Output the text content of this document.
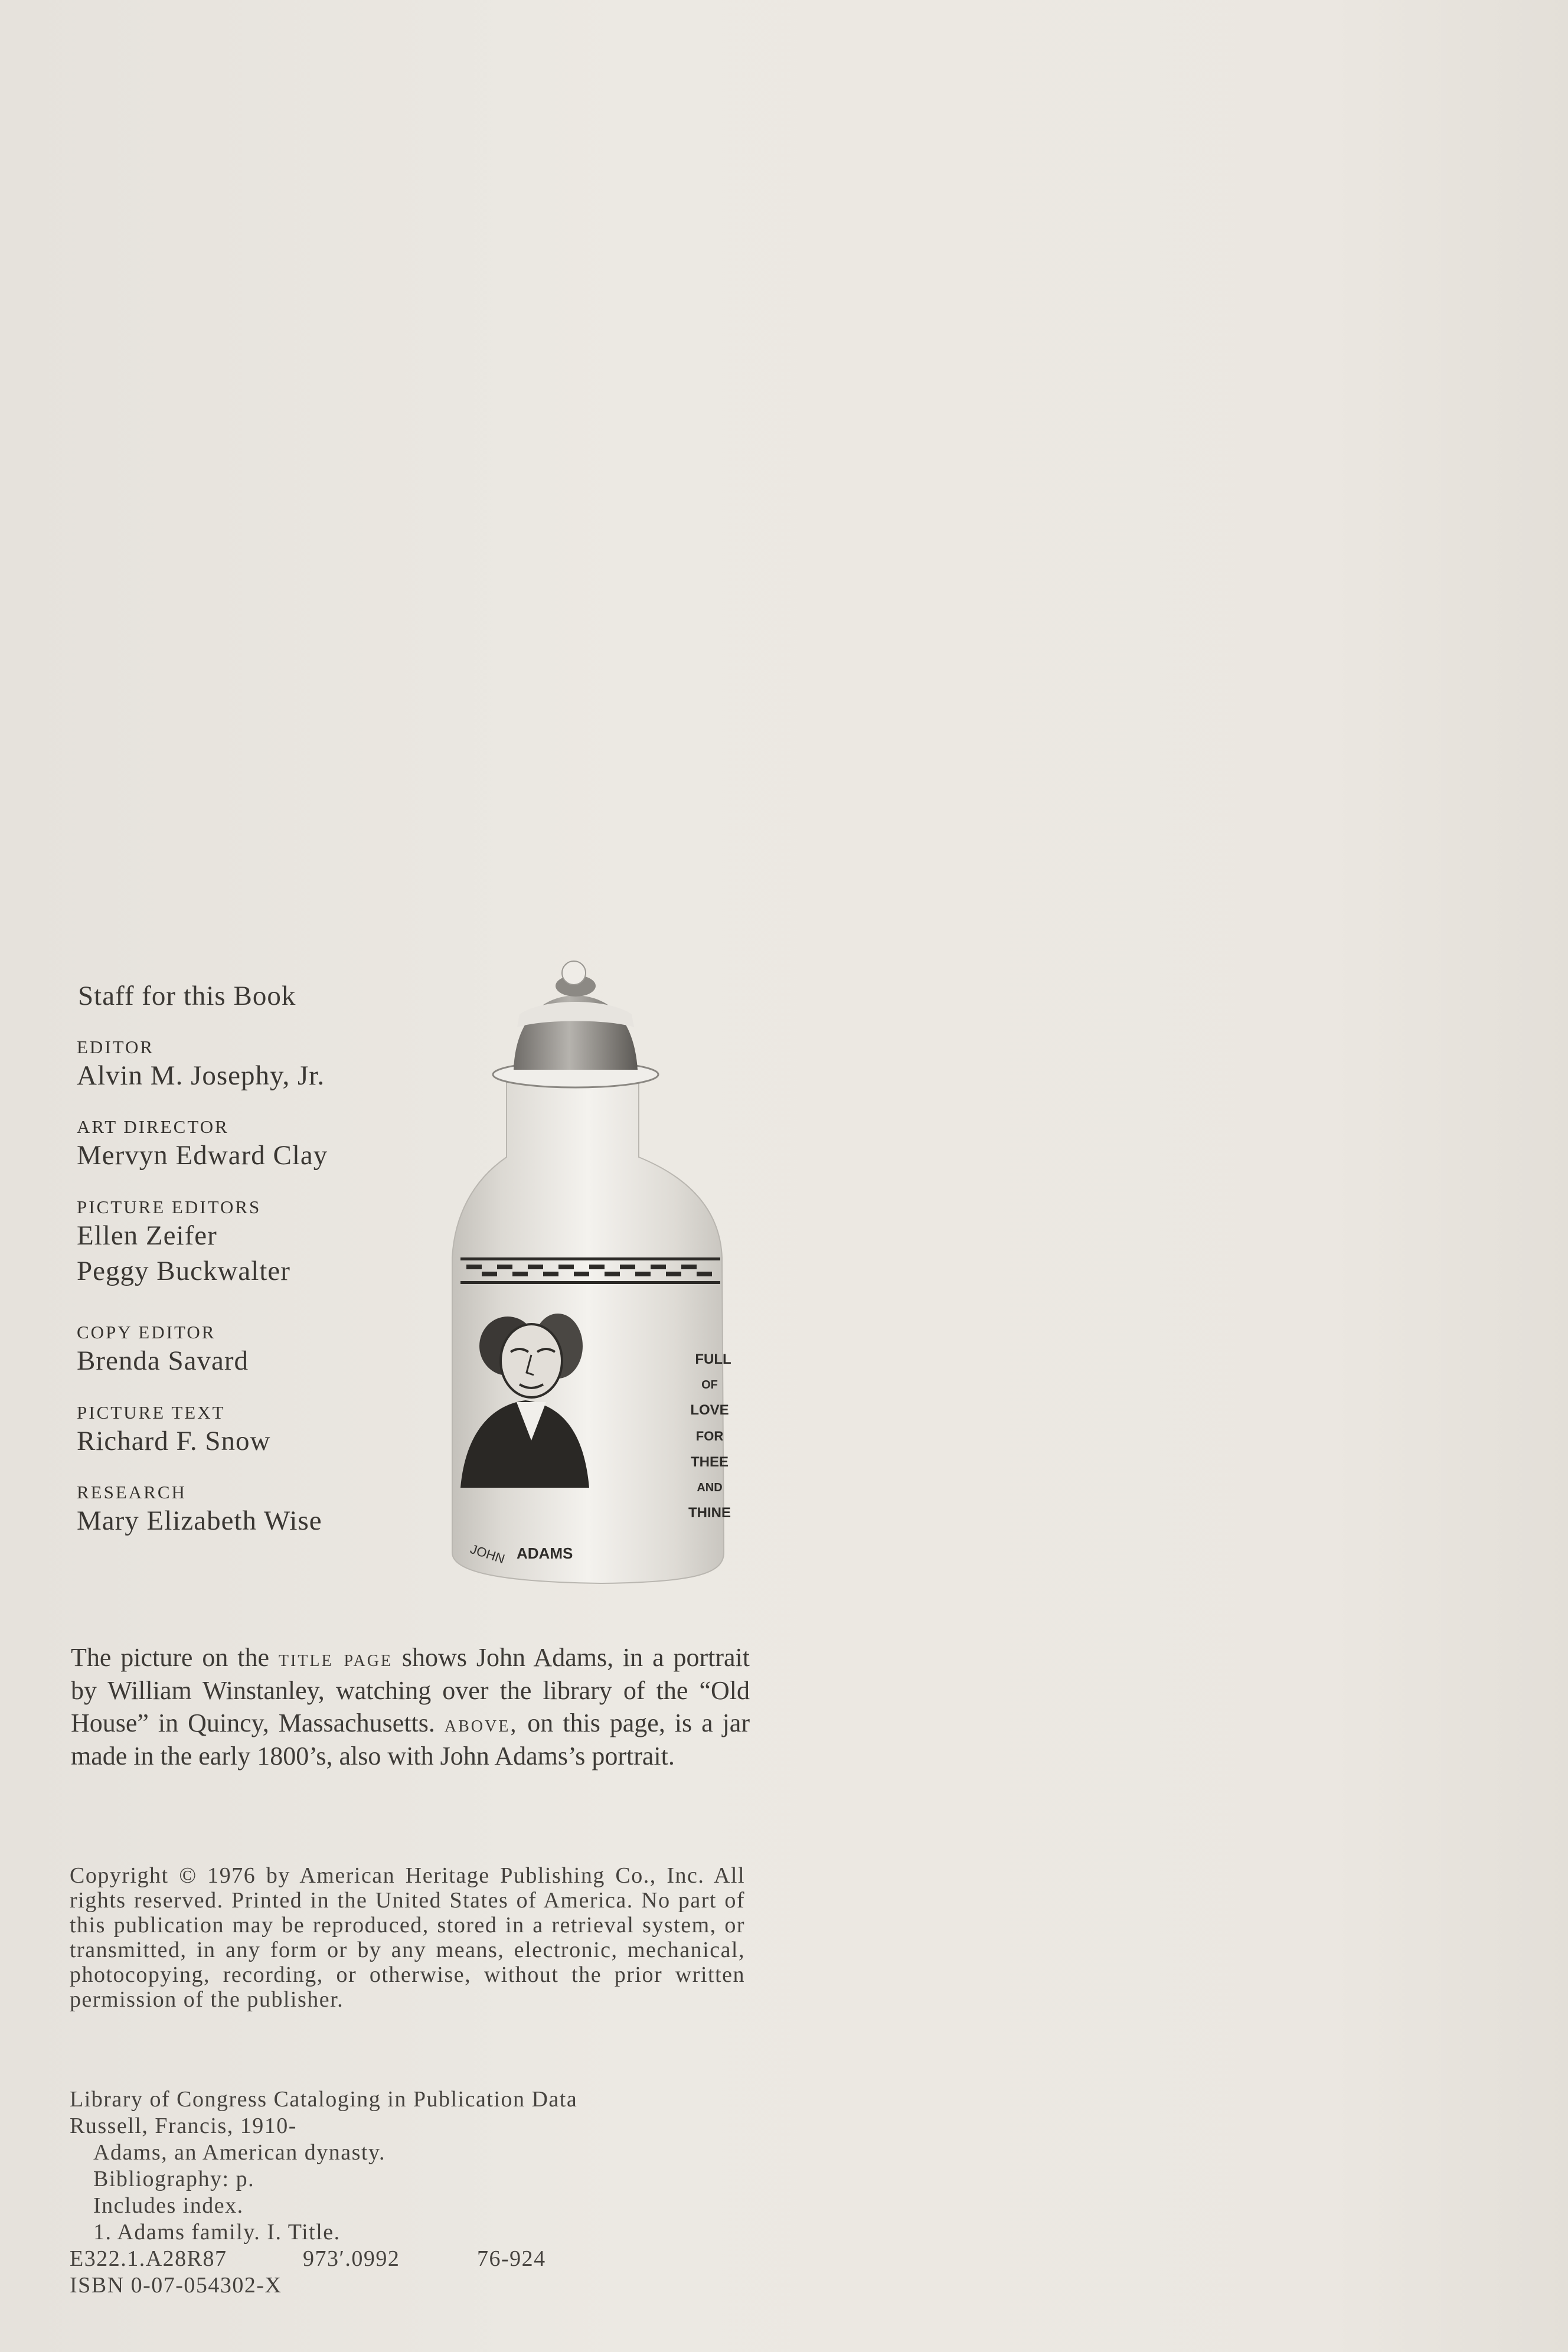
Staff for this Book
EDITOR
Alvin M. Josephy, Jr.
ART DIRECTOR
Mervyn Edward Clay
PICTURE EDITORS
Ellen Zeifer
Peggy Buckwalter
COPY EDITOR
Brenda Savard
PICTURE TEXT
Richard F. Snow
RESEARCH
Mary Elizabeth Wise
JOHN ADAMS
FULL
OF
LOVE
FOR
THEE
AND
THINE
The picture on the title page shows John Adams, in a portrait by William Winstanley, watching over the library of the “Old House” in Quincy, Massachusetts. above, on this page, is a jar made in the early 1800’s, also with John Adams’s portrait.
Copyright © 1976 by American Heritage Publishing Co., Inc. All rights reserved. Printed in the United States of America. No part of this publication may be reproduced, stored in a retrieval system, or transmitted, in any form or by any means, electronic, mechanical, photocopying, recording, or otherwise, without the prior written permission of the publisher.
Library of Congress Cataloging in Publication Data
Russell, Francis, 1910-
Adams, an American dynasty.
Bibliography: p.
Includes index.
1. Adams family. I. Title.
E322.1.A28R87	973′.0992	76-924
ISBN 0-07-054302-X
